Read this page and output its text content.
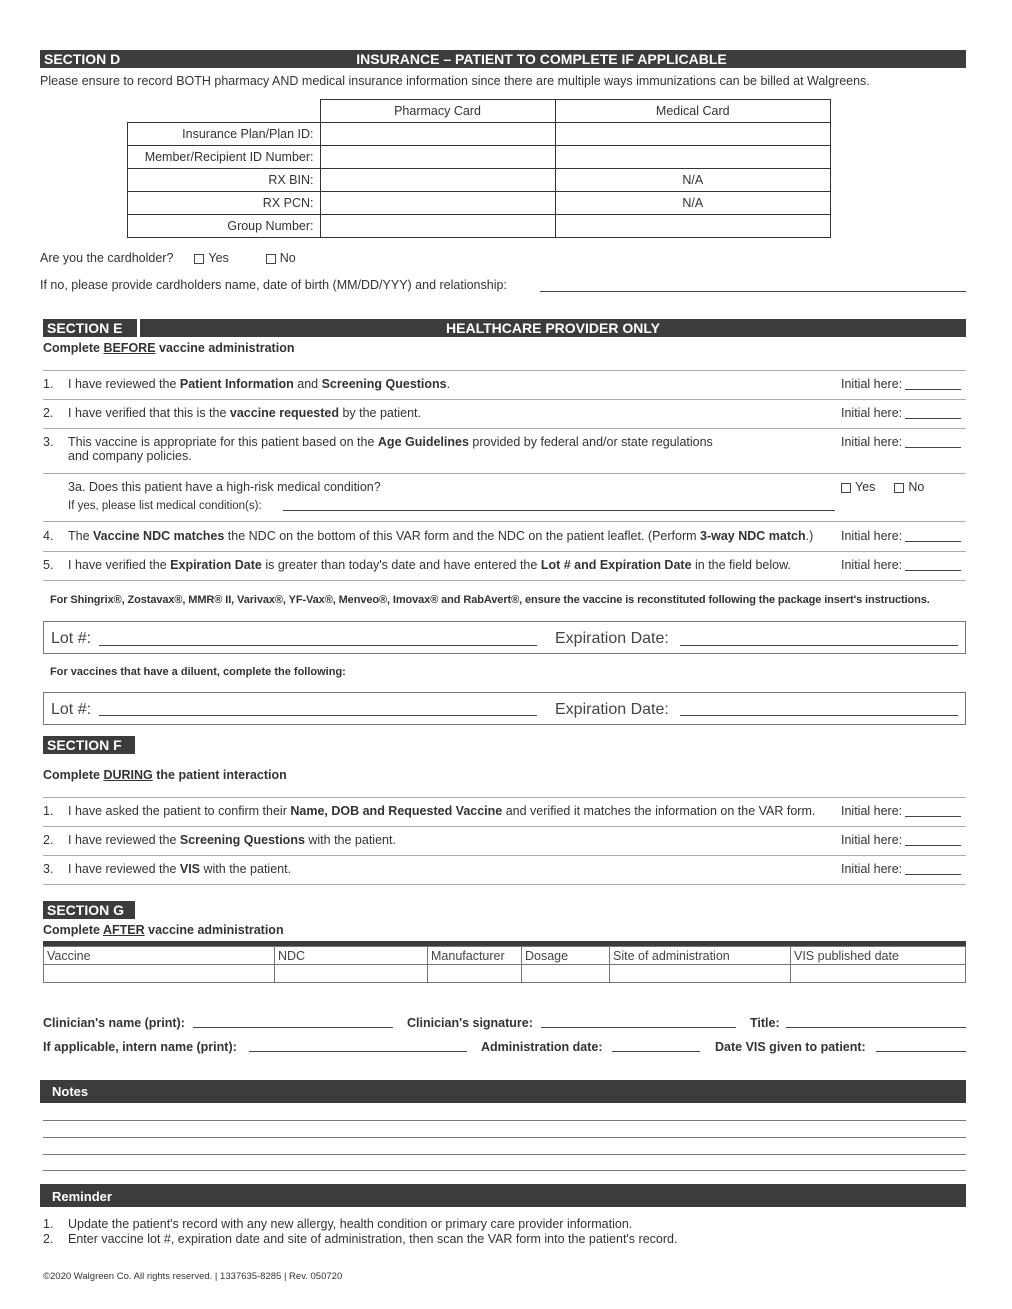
SECTION D	INSURANCE – PATIENT TO COMPLETE IF APPLICABLE
Please ensure to record BOTH pharmacy AND medical insurance information since there are multiple ways immunizations can be billed at Walgreens.
	Pharmacy Card	Medical Card
Insurance Plan/Plan ID:		
Member/Recipient ID Number:		
RX BIN:		N/A
RX PCN:		N/A
Group Number:		
Are you the cardholder?	Yes	No
If no, please provide cardholders name, date of birth (MM/DD/YYY) and relationship:
SECTION E	HEALTHCARE PROVIDER ONLY
Complete BEFORE vaccine administration
1. I have reviewed the Patient Information and Screening Questions.	Initial here:
2. I have verified that this is the vaccine requested by the patient.	Initial here:
3. This vaccine is appropriate for this patient based on the Age Guidelines provided by federal and/or state regulations
and company policies.
Initial here:
4. The Vaccine NDC matches the NDC on the bottom of this VAR form and the NDC on the patient leaflet. (Perform 3-way NDC match.) Initial here:
5. I have verified the Expiration Date is greater than today's date and have entered the Lot # and Expiration Date in the field below.	Initial here:
3a. Does this patient have a high-risk medical condition?
If yes, please list medical condition(s):
Yes	No
For Shingrix®, Zostavax®, MMR® II, Varivax®, YF-Vax®, Menveo®, Imovax® and RabAvert®, ensure the vaccine is reconstituted following the package insert's instructions.
Lot #:	Expiration Date:
For vaccines that have a diluent, complete the following:
Lot #:	Expiration Date:
SECTION F
Complete DURING the patient interaction
1. I have asked the patient to confirm their Name, DOB and Requested Vaccine and verified it matches the information on the VAR form. Initial here:
2. I have reviewed the Screening Questions with the patient.	Initial here:
3. I have reviewed the VIS with the patient.	Initial here:
SECTION G
Complete AFTER vaccine administration
Vaccine	NDC	Manufacturer	Dosage	Site of administration	VIS published date

Clinician's name (print):	Clinician's signature:	Title:
If applicable, intern name (print):	Administration date:	Date VIS given to patient:
Notes
Reminder
1. Update the patient's record with any new allergy, health condition or primary care provider information.
2. Enter vaccine lot #, expiration date and site of administration, then scan the VAR form into the patient's record.
©2020 Walgreen Co. All rights reserved. | 1337635-8285 | Rev. 050720
